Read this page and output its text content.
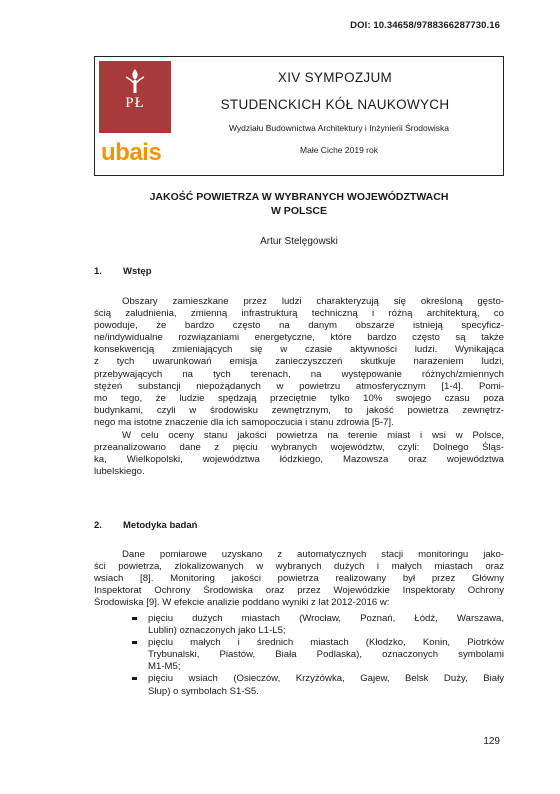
DOI: 10.34658/9788366287730.16
PŁ
ubais
XIV SYMPOZJUM
STUDENCKICH KÓŁ NAUKOWYCH
Wydziału Budownictwa Architektury i Inżynierii Środowiska
Małe Ciche 2019 rok
JAKOŚĆ POWIETRZA W WYBRANYCH WOJEWÓDZTWACH
W POLSCE
Artur Stelęgowski
1. Wstęp
Obszary zamieszkane przez ludzi charakteryzują się określoną gęsto-
ścią zaludnienia, zmienną infrastrukturą techniczną i różną architekturą, co
powoduje, że bardzo często na danym obszarze istnieją specyficz-
ne/indywidualne rozwiązaniami energetyczne, które bardzo często są także
konsekwencją zmieniających się w czasie aktywności ludzi. Wynikająca
z tych uwarunkowań emisja zanieczyszczeń skutkuje narażeniem ludzi,
przebywających na tych terenach, na występowanie różnych/zmiennych
stężeń substancji niepożądanych w powietrzu atmosferycznym [1-4]. Pomi-
mo tego, że ludzie spędzają przeciętnie tylko 10% swojego czasu poza
budynkami, czyli w środowisku zewnętrznym, to jakość powietrza zewnętrz-
nego ma istotne znaczenie dla ich samopoczucia i stanu zdrowia [5-7].
W celu oceny stanu jakości powietrza na terenie miast i wsi w Polsce,
przeanalizowano dane z pięciu wybranych województw, czyli: Dolnego Śląs-
ka, Wielkopolski, województwa łódzkiego, Mazowsza oraz województwa
lubelskiego.
2. Metodyka badań
Dane pomiarowe uzyskano z automatycznych stacji monitoringu jako-
ści powietrza, zlokalizowanych w wybranych dużych i małych miastach oraz
wsiach [8]. Monitoring jakości powietrza realizowany był przez Główny
Inspektorat Ochrony Środowiska oraz przez Wojewódzkie Inspektoraty Ochrony
Środowiska [9]. W efekcie analizie poddano wyniki z lat 2012-2016 w:
pięciu dużych miastach (Wrocław, Poznań, Łódź, Warszawa,
Lublin) oznaczonych jako L1-L5;
pięciu małych i średnich miastach (Kłodzko, Konin, Piotrków
Trybunalski, Piastów, Biała Podlaska), oznaczonych symbolami
M1-M5;
pięciu wsiach (Osieczów, Krzyżówka, Gajew, Belsk Duży, Biały
Słup) o symbolach S1-S5.
129
